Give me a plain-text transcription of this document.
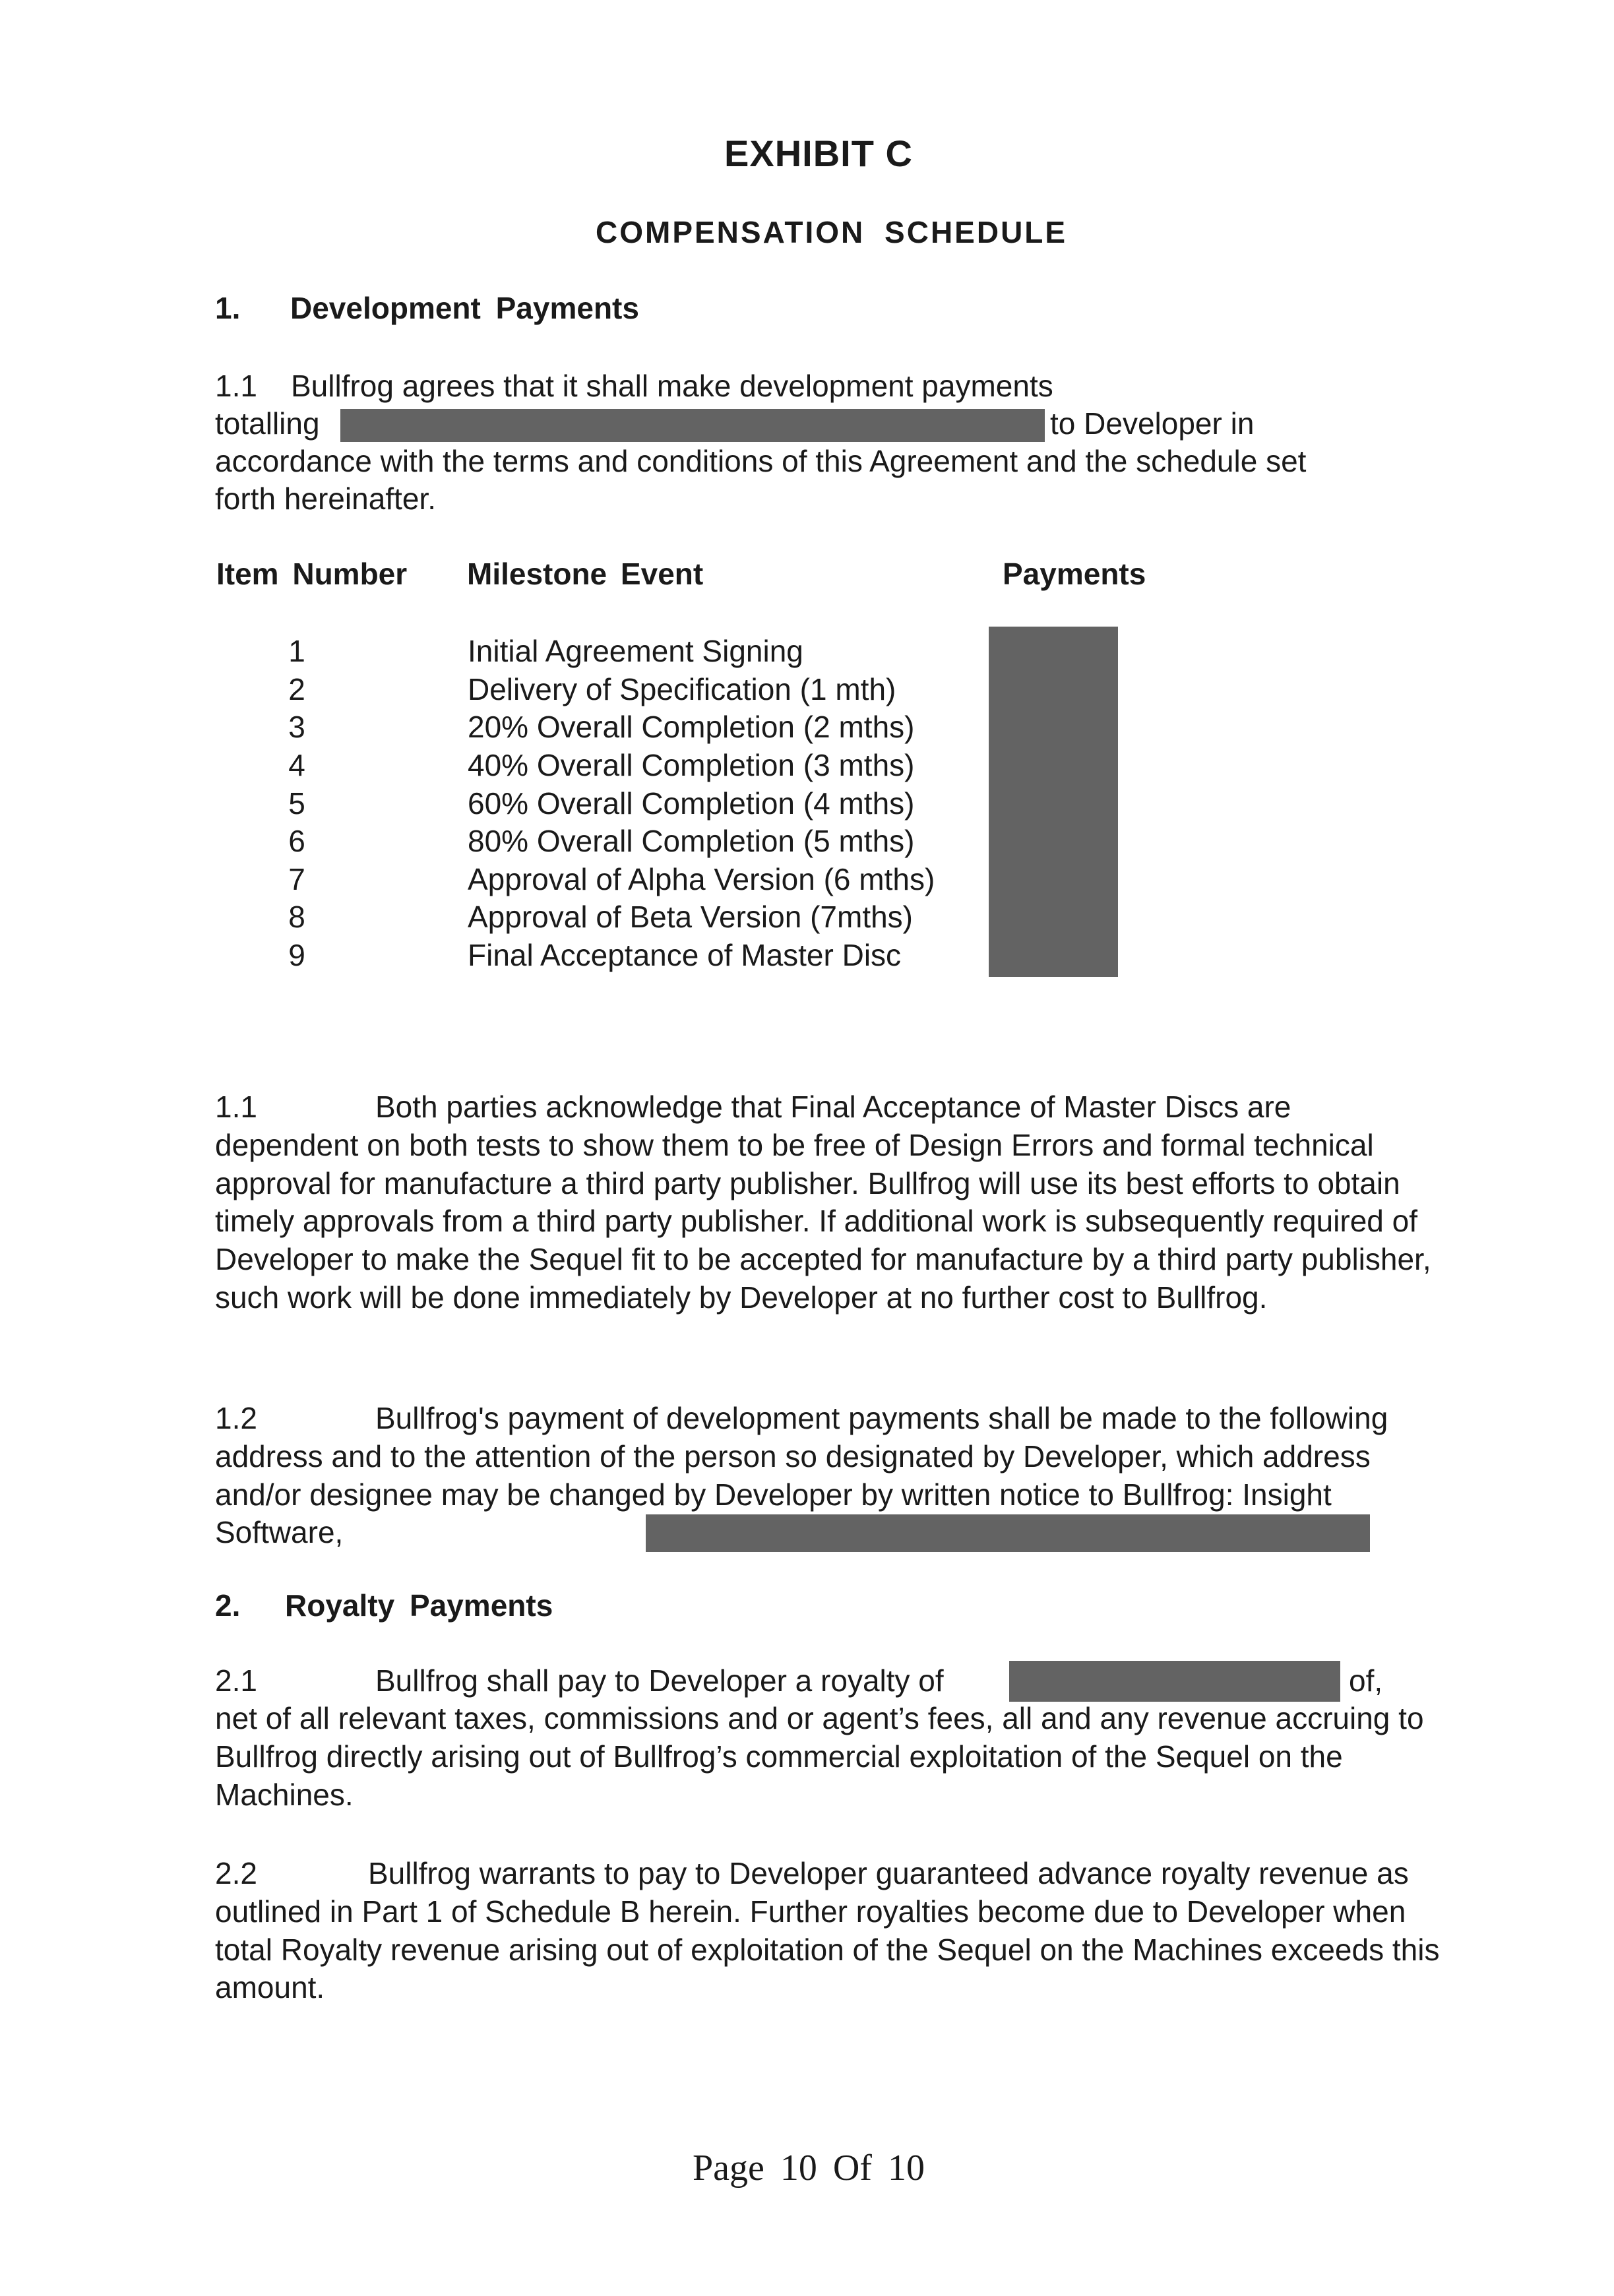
EXHIBIT C
COMPENSATION SCHEDULE
1. Development Payments
1.1 Bullfrog agrees that it shall make development payments
totalling	to Developer in
accordance with the terms and conditions of this Agreement and the schedule set
forth hereinafter.
Item Number Milestone Event	Payments
1	Initial Agreement Signing
2	Delivery of Specification (1 mth)
3	20% Overall Completion (2 mths)
4	40% Overall Completion (3 mths)
5	60% Overall Completion (4 mths)
6	80% Overall Completion (5 mths)
7	Approval of Alpha Version (6 mths)
8	Approval of Beta Version (7mths)
9	Final Acceptance of Master Disc
1.1	Both parties acknowledge that Final Acceptance of Master Discs are dependent on both tests to show them to be free of Design Errors and formal technical approval for manufacture a third party publisher. Bullfrog will use its best efforts to obtain timely approvals from a third party publisher. If additional work is subsequently required of Developer to make the Sequel fit to be accepted for manufacture by a third party publisher, such work will be done immediately by Developer at no further cost to Bullfrog.
1.2	Bullfrog's payment of development payments shall be made to the following address and to the attention of the person so designated by Developer, which address and/or designee may be changed by Developer by written notice to Bullfrog: Insight Software,
2. Royalty Payments
2.1	Bullfrog shall pay to Developer a royalty of	of,
net of all relevant taxes, commissions and or agent’s fees, all and any revenue accruing to Bullfrog directly arising out of Bullfrog’s commercial exploitation of the Sequel on the Machines.
2.2	Bullfrog warrants to pay to Developer guaranteed advance royalty revenue as outlined in Part 1 of Schedule B herein. Further royalties become due to Developer when total Royalty revenue arising out of exploitation of the Sequel on the Machines exceeds this amount.
Page 10 Of 10
